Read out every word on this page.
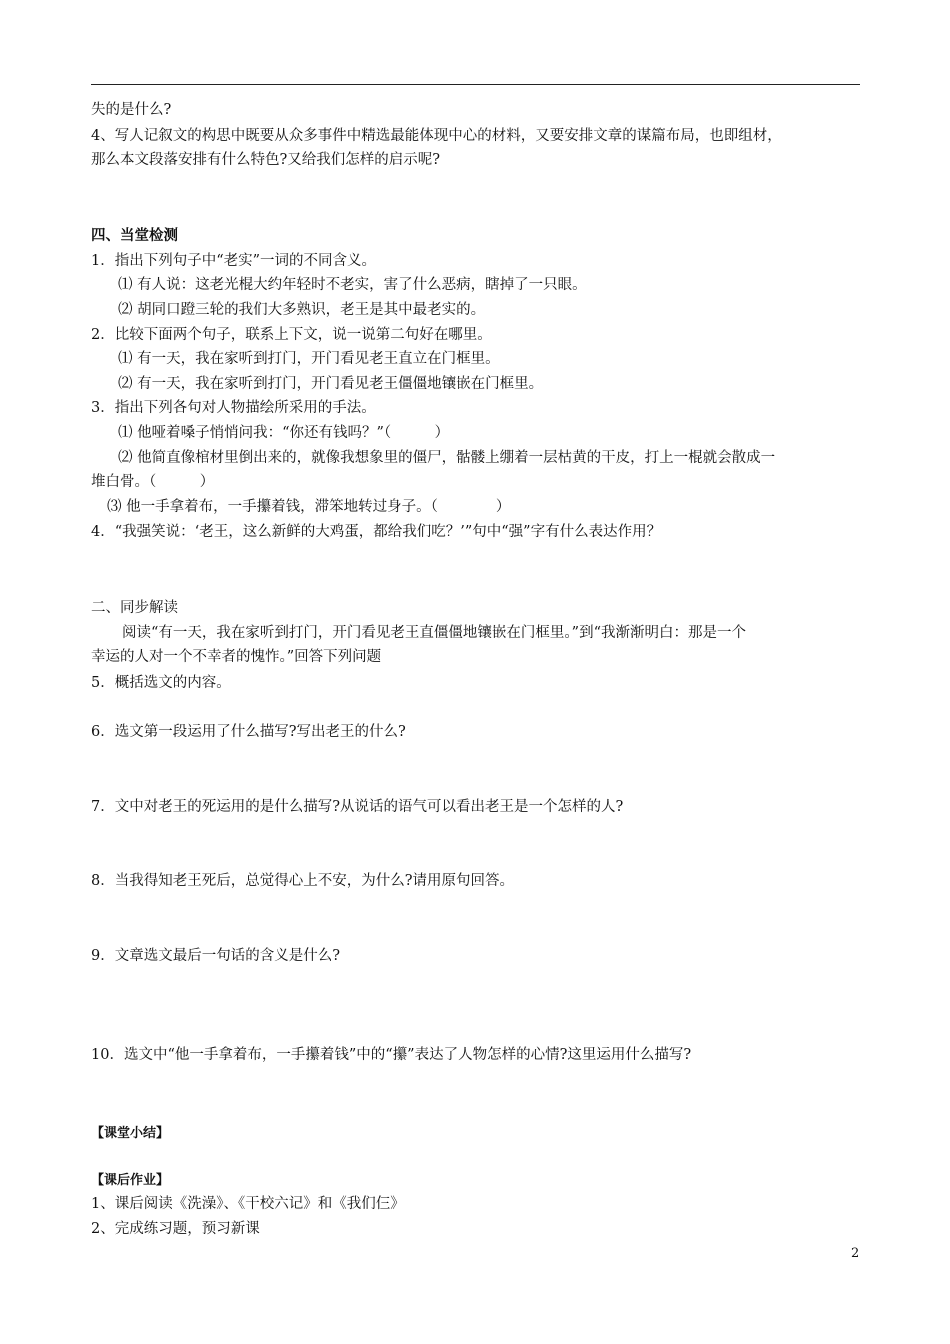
失的是什么?
4、写人记叙文的构思中既要从众多事件中精选最能体现中心的材料，又要安排文章的谋篇布局，也即组材，
那么本文段落安排有什么特色?又给我们怎样的启示呢?
四、当堂检测
1．指出下列句子中“老实”一词的不同含义。
⑴ 有人说：这老光棍大约年轻时不老实，害了什么恶病，瞎掉了一只眼。
⑵ 胡同口蹬三轮的我们大多熟识，老王是其中最老实的。
2．比较下面两个句子，联系上下文，说一说第二句好在哪里。
⑴ 有一天，我在家听到打门，开门看见老王直立在门框里。
⑵ 有一天，我在家听到打门，开门看见老王僵僵地镶嵌在门框里。
3．指出下列各句对人物描绘所采用的手法。
⑴ 他哑着嗓子悄悄问我：“你还有钱吗？”（　　　）
⑵ 他简直像棺材里倒出来的，就像我想象里的僵尸，骷髅上绷着一层枯黄的干皮，打上一棍就会散成一
堆白骨。（　　　）
⑶ 他一手拿着布，一手攥着钱，滞笨地转过身子。（　　　　）
4．“我强笑说：‘老王，这么新鲜的大鸡蛋，都给我们吃？’”句中“强”字有什么表达作用？
二、同步解读
阅读“有一天，我在家听到打门，开门看见老王直僵僵地镶嵌在门框里。”到“我渐渐明白：那是一个
幸运的人对一个不幸者的愧怍。”回答下列问题
5．概括选文的内容。
6．选文第一段运用了什么描写?写出老王的什么?
7．文中对老王的死运用的是什么描写?从说话的语气可以看出老王是一个怎样的人?
8．当我得知老王死后，总觉得心上不安，为什么?请用原句回答。
9．文章选文最后一句话的含义是什么?
10．选文中“他一手拿着布，一手攥着钱”中的“攥”表达了人物怎样的心情?这里运用什么描写?
【课堂小结】
【课后作业】
1、课后阅读《洗澡》、《干校六记》和《我们仨》
2、完成练习题，预习新课
2
